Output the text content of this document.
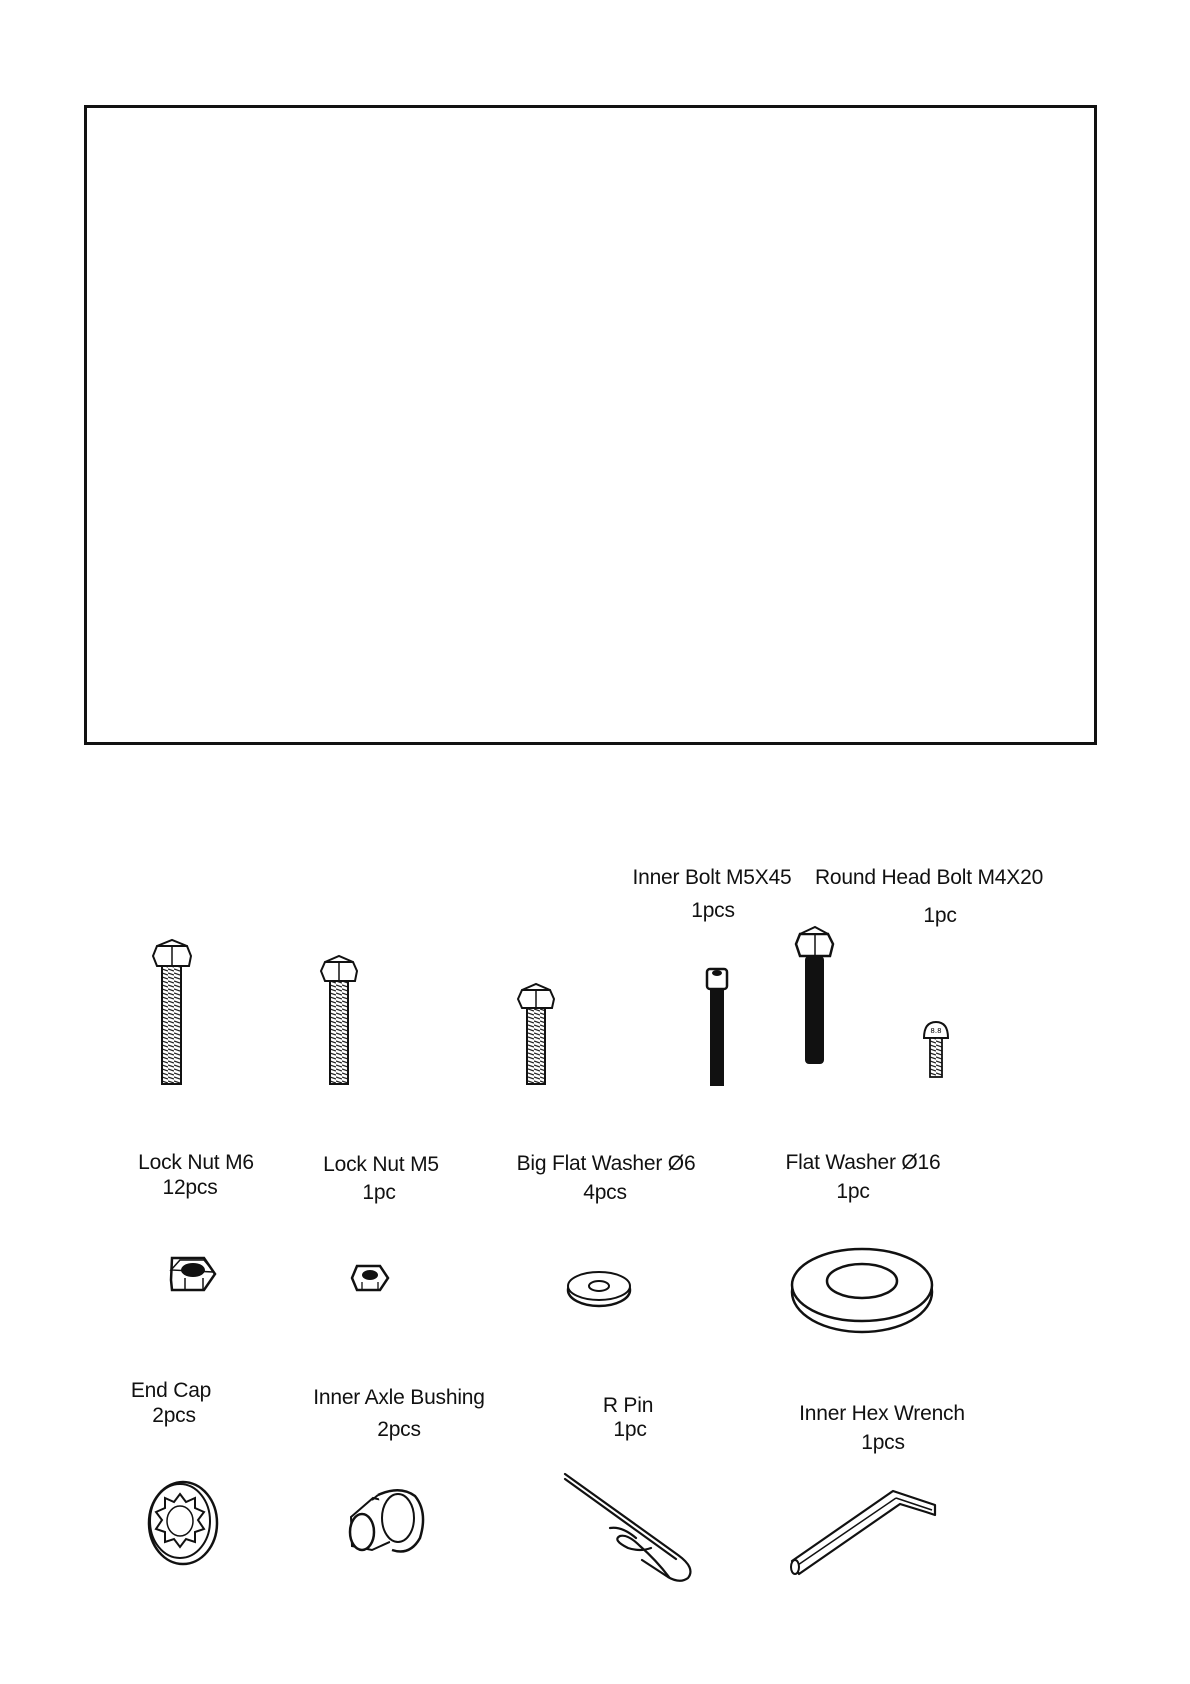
Inner Bolt M5X45
1pcs
Round Head Bolt M4X20
1pc
Lock Nut M6
12pcs
Lock Nut M5
1pc
Big Flat Washer Ø6
4pcs
Flat Washer Ø16
1pc
End Cap
2pcs
Inner Axle Bushing
2pcs
R Pin
1pc
Inner Hex Wrench
1pcs
8.8
